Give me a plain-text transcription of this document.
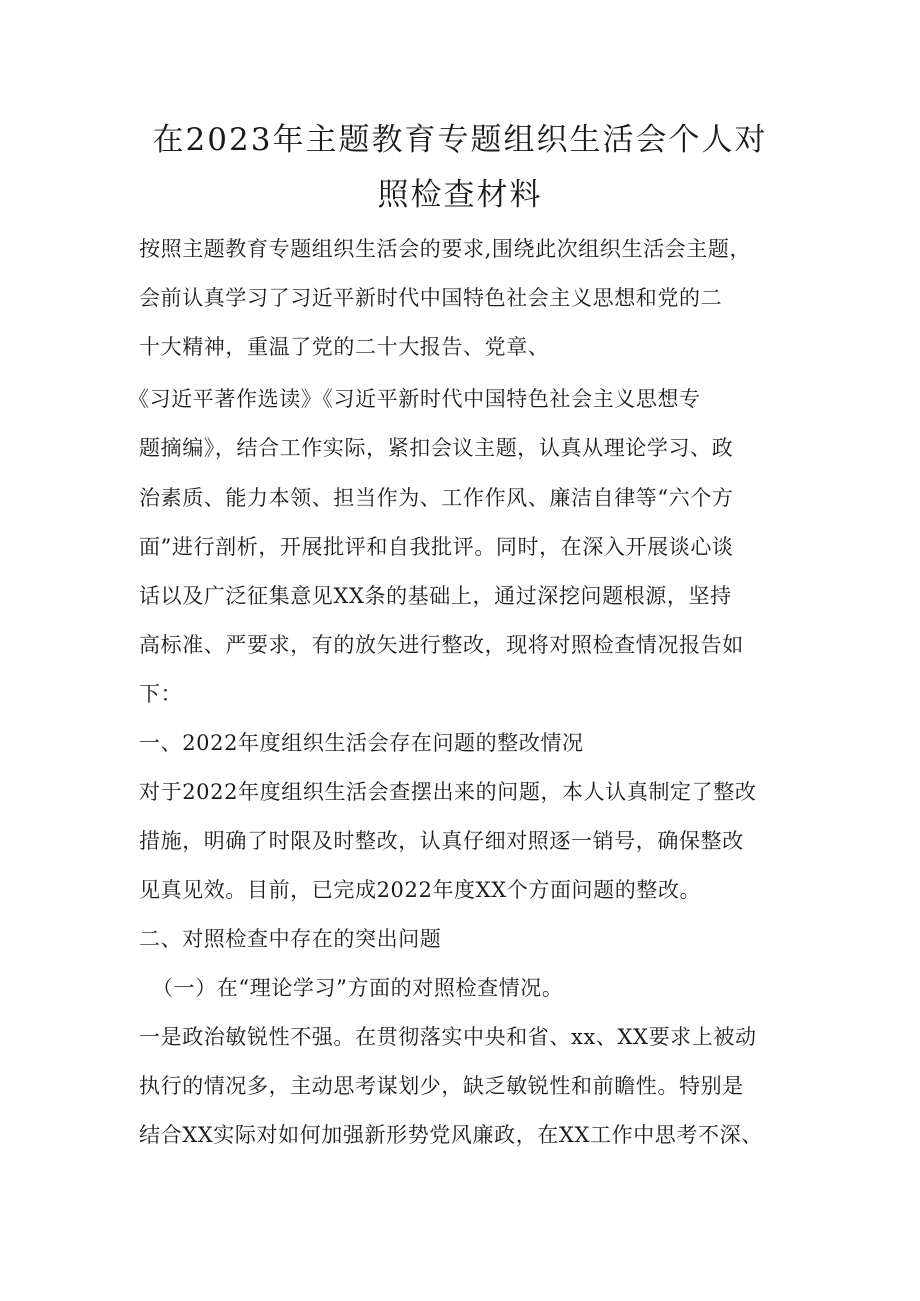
在2023年主题教育专题组织生活会个人对
照检查材料
按照主题教育专题组织生活会的要求,围绕此次组织生活会主题，
会前认真学习了习近平新时代中国特色社会主义思想和党的二
十大精神，重温了党的二十大报告、党章、
《习近平著作选读》《习近平新时代中国特色社会主义思想专
题摘编》，结合工作实际，紧扣会议主题，认真从理论学习、政
治素质、能力本领、担当作为、工作作风、廉洁自律等“六个方
面”进行剖析，开展批评和自我批评。同时，在深入开展谈心谈
话以及广泛征集意见XX条的基础上，通过深挖问题根源，坚持
高标准、严要求，有的放矢进行整改，现将对照检查情况报告如
下：
一、2022年度组织生活会存在问题的整改情况
对于2022年度组织生活会查摆出来的问题，本人认真制定了整改
措施，明确了时限及时整改，认真仔细对照逐一销号，确保整改
见真见效。目前，已完成2022年度XX个方面问题的整改。
二、对照检查中存在的突出问题
（一）在“理论学习”方面的对照检查情况。
一是政治敏锐性不强。在贯彻落实中央和省、xx、XX要求上被动
执行的情况多，主动思考谋划少，缺乏敏锐性和前瞻性。特别是
结合XX实际对如何加强新形势党风廉政，在XX工作中思考不深、
